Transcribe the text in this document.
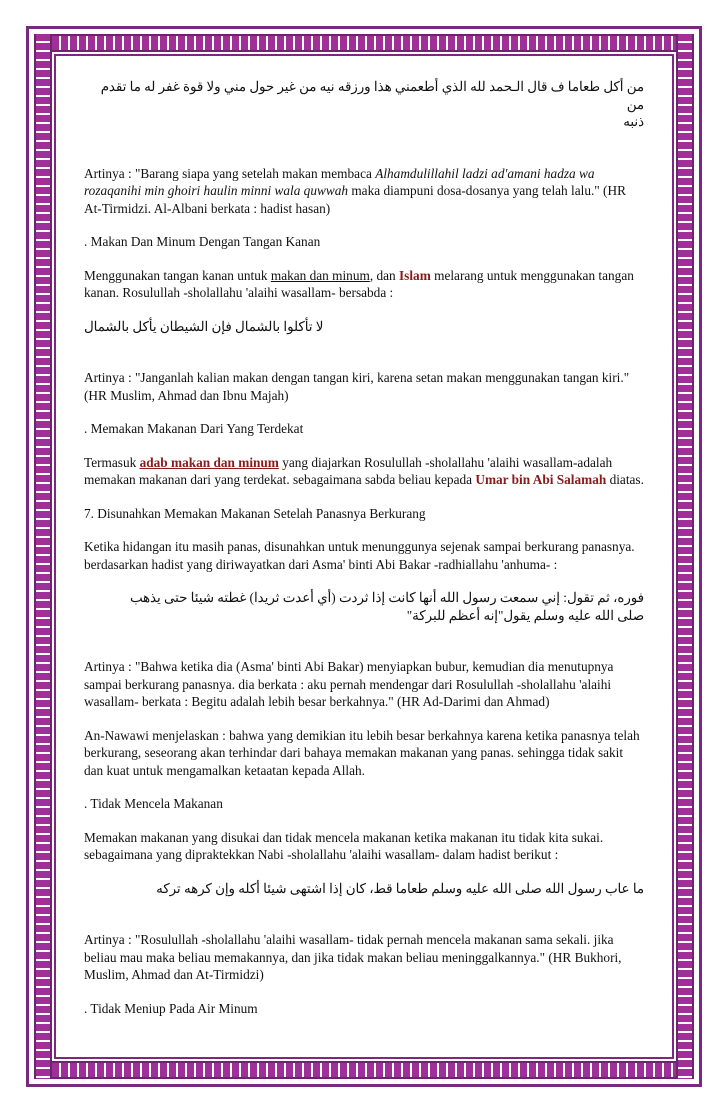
من أكل طعاما ف قال الـحمد لله الذي أطعمني هذا ورزقه نيه من غير حول مني ولا قوة غفر له ما تقدم من
ذنبه

Artinya : "Barang siapa yang setelah makan membaca Alhamdulillahil ladzi ad'amani hadza wa rozaqanihi min ghoiri haulin minni wala quwwah maka diampuni dosa-dosanya yang telah lalu." (HR At-Tirmidzi. Al-Albani berkata : hadist hasan)

. Makan Dan Minum Dengan Tangan Kanan

Menggunakan tangan kanan untuk makan dan minum, dan Islam melarang untuk menggunakan tangan kanan. Rosulullah -sholallahu 'alaihi wasallam- bersabda :

لا تأكلوا بالشمال فإن الشيطان يأكل بالشمال

Artinya : "Janganlah kalian makan dengan tangan kiri, karena setan makan menggunakan tangan kiri." (HR Muslim, Ahmad dan Ibnu Majah)

. Memakan Makanan Dari Yang Terdekat

Termasuk adab makan dan minum yang diajarkan Rosulullah -sholallahu 'alaihi wasallam-adalah memakan makanan dari yang terdekat. sebagaimana sabda beliau kepada Umar bin Abi Salamah diatas.

7. Disunahkan Memakan Makanan Setelah Panasnya Berkurang

Ketika hidangan itu masih panas, disunahkan untuk menunggunya sejenak sampai berkurang panasnya. berdasarkan hadist yang diriwayatkan dari Asma' binti Abi Bakar -radhiallahu 'anhuma- :

فوره، ثم تقول: إني سمعت رسول الله أنها كانت إذا ثردت (أي أعدت ثريدا) غطته شيئا حتى يذهب
صلى الله عليه وسلم يقول"إنه أعظم للبركة"

Artinya : "Bahwa ketika dia (Asma' binti Abi Bakar) menyiapkan bubur, kemudian dia menutupnya sampai berkurang panasnya. dia berkata : aku pernah mendengar dari Rosulullah -sholallahu 'alaihi wasallam- berkata : Begitu adalah lebih besar berkahnya." (HR Ad-Darimi dan Ahmad)

An-Nawawi menjelaskan : bahwa yang demikian itu lebih besar berkahnya karena ketika panasnya telah berkurang, seseorang akan terhindar dari bahaya memakan makanan yang panas. sehingga tidak sakit dan kuat untuk mengamalkan ketaatan kepada Allah.

. Tidak Mencela Makanan

Memakan makanan yang disukai dan tidak mencela makanan ketika makanan itu tidak kita sukai. sebagaimana yang dipraktekkan Nabi -sholallahu 'alaihi wasallam- dalam hadist berikut :

ما عاب رسول الله صلى الله عليه وسلم طعاما قط، كان إذا اشتهى شيئا أكله وإن كرهه تركه

Artinya : "Rosulullah -sholallahu 'alaihi wasallam- tidak pernah mencela makanan sama sekali. jika beliau mau maka beliau memakannya, dan jika tidak makan beliau meninggalkannya." (HR Bukhori, Muslim, Ahmad dan At-Tirmidzi)

. Tidak Meniup Pada Air Minum
